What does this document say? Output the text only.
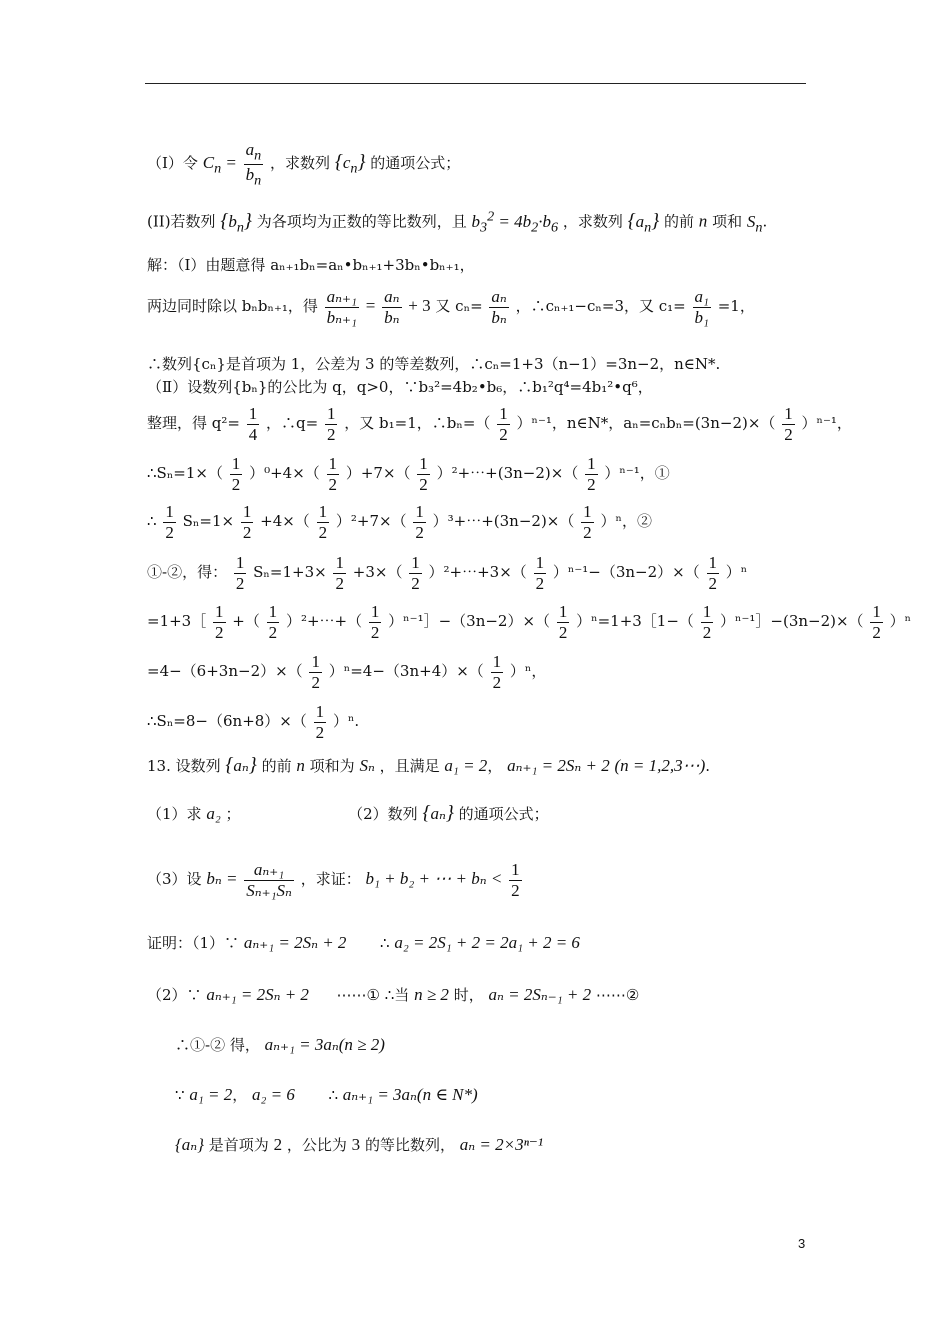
（I）令 $C_n = \frac{a_n}{b_n}$ ，求数列 $\{c_n\}$ 的通项公式；
(II)若数列 $\{b_n\}$ 为各项均为正数的等比数列，且 $b_3^2 = 4b_2\cdot b_6$ ，求数列 $\{a_n\}$ 的前 n 项和 $S_n$.
解：（Ⅰ）由题意得 aₙ₊₁bₙ=aₙ•bₙ₊₁+3bₙ•bₙ₊₁，
两边同时除以 bₙbₙ₊₁，得 $\frac{\text{aₙ₊₁}}{\text{bₙ₊₁}} = \frac{\text{aₙ}}{\text{bₙ}} + 3$ 又 $c_n= \frac{\text{aₙ}}{\text{bₙ}}$ ，∴cₙ₊₁−cₙ=3，又 $c_1= \frac{\text{a₁}}{\text{b₁}} =1$，
∴数列{cₙ}是首项为 1，公差为 3 的等差数列，∴cₙ=1+3（n−1）=3n−2，n∈N*.
（Ⅱ）设数列{bₙ}的公比为 q，q>0，∵b₃²=4b₂•b₆，∴b₁²q⁴=4b₁²•q⁶，
整理，得 $q^2= \frac{1}{4}$ ，∴q= $\frac{1}{2}$ ，又 b₁=1，∴bₙ=（ $\frac{1}{2} )^{n-1}$，n∈N*，$a_n=c_nb_n=(3n-2)\times( \frac{1}{2} )^{n-1}$，
∴Sₙ=1×（ $\frac{1}{2} )^0+4\times( \frac{1}{2} )+7\times( \frac{1}{2}$ ）²+⋯+(3n−2)×（ $\frac{1}{2} )^{n-1}$，①
∴ $\frac{1}{2} S_n=1\times \frac{1}{2} +4\times( \frac{1}{2} )^2+7\times( \frac{1}{2}$ ）³+⋯+(3n−2)×（ $\frac{1}{2} )^n$，②
①-②，得： $\frac{1}{2} S_n=1+3\times \frac{1}{2} +3\times( \frac{1}{2}$ ）²+⋯+3×（ $\frac{1}{2} )^{n-1}-(3n-2)\times( \frac{1}{2} )^n$
=1+3［ $\frac{1}{2}$ +（ $\frac{1}{2}$ ）²+⋯+（ $\frac{1}{2}$ ）ⁿ⁻¹］−（3n−2）×（ $\frac{1}{2}$ ）ⁿ=1+3［1−（ $\frac{1}{2}$ ）ⁿ⁻¹］−(3n−2)×（ $\frac{1}{2} )^n$
$=4-(6+3n-2)\times( \frac{1}{2} )^n=4-(3n+4)\times( \frac{1}{2} )^n$，
∴Sₙ=8−（6n+8）×（ $\frac{1}{2} )^n$.
13. 设数列 {aₙ} 的前 n 项和为 Sₙ ，且满足 a₁ = 2， aₙ₊₁ = 2Sₙ + 2 (n = 1,2,3⋯).
（1）求 a₂ ；	（2）数列 {aₙ} 的通项公式；
（3）设 $b_n = \frac{\text{aₙ₊₁}}{\text{Sₙ₊₁Sₙ}}$ ，求证： b₁ + b₂ + ⋯ + $b_n < \frac{1}{2}$
证明：（1）∵ aₙ₊₁ = 2Sₙ + 2 ∴ a₂ = 2S₁ + 2 = 2a₁ + 2 = 6
（2）∵ aₙ₊₁ = 2Sₙ + 2 ⋯⋯① ∴当 n ≥ 2 时， aₙ = 2Sₙ₋₁ + 2 ⋯⋯②
∴①-② 得， aₙ₊₁ = 3aₙ(n ≥ 2)
∵ a₁ = 2， a₂ = 6 ∴ aₙ₊₁ = 3aₙ(n ∈ N*)
{aₙ} 是首项为 2 ，公比为 3 的等比数列， aₙ = 2×3ⁿ⁻¹
3
